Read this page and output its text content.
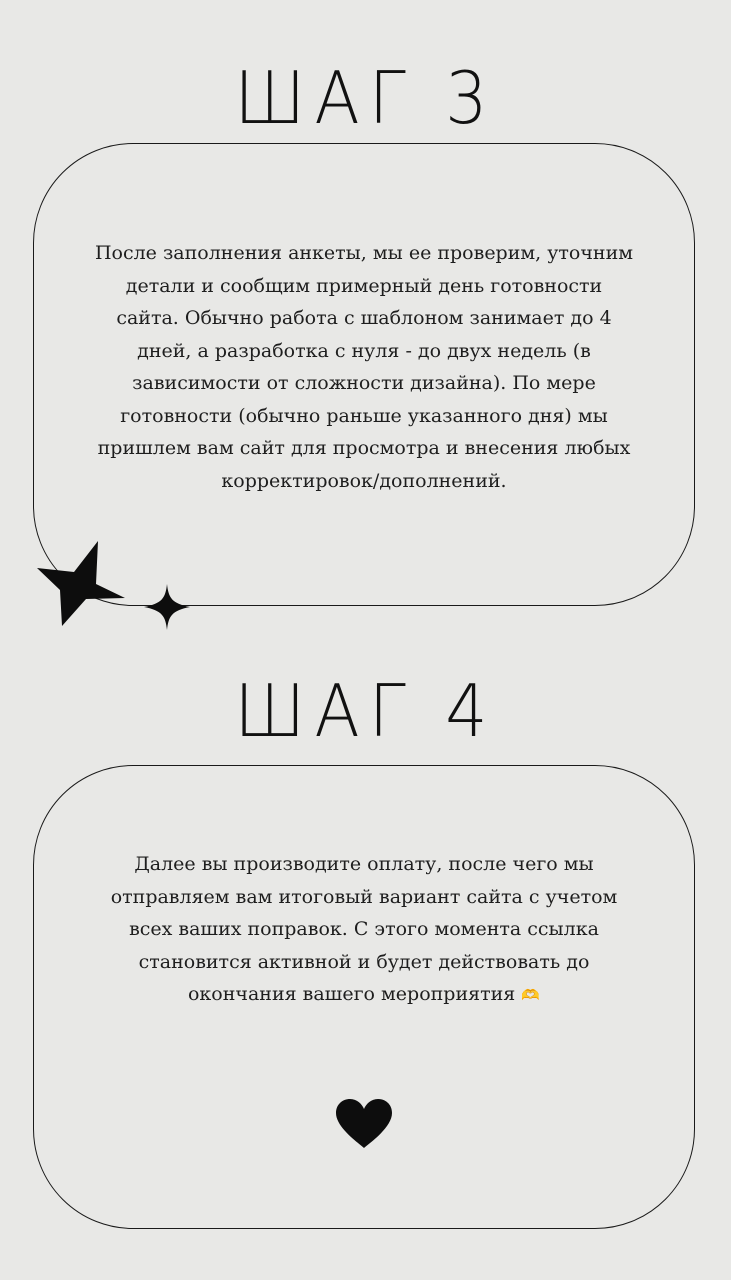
ШАГ 3
После заполнения анкеты, мы ее проверим, уточним детали и сообщим примерный день готовности сайта. Обычно работа с шаблоном занимает до 4 дней, а разработка с нуля - до двух недель (в зависимости от сложности дизайна). По мере готовности (обычно раньше указанного дня) мы пришлем вам сайт для просмотра и внесения любых корректировок/дополнений.
ШАГ 4
Далее вы производите оплату, после чего мы отправляем вам итоговый вариант сайта с учетом всех ваших поправок. С этого момента ссылка становится активной и будет действовать до окончания вашего мероприятия 🫶
